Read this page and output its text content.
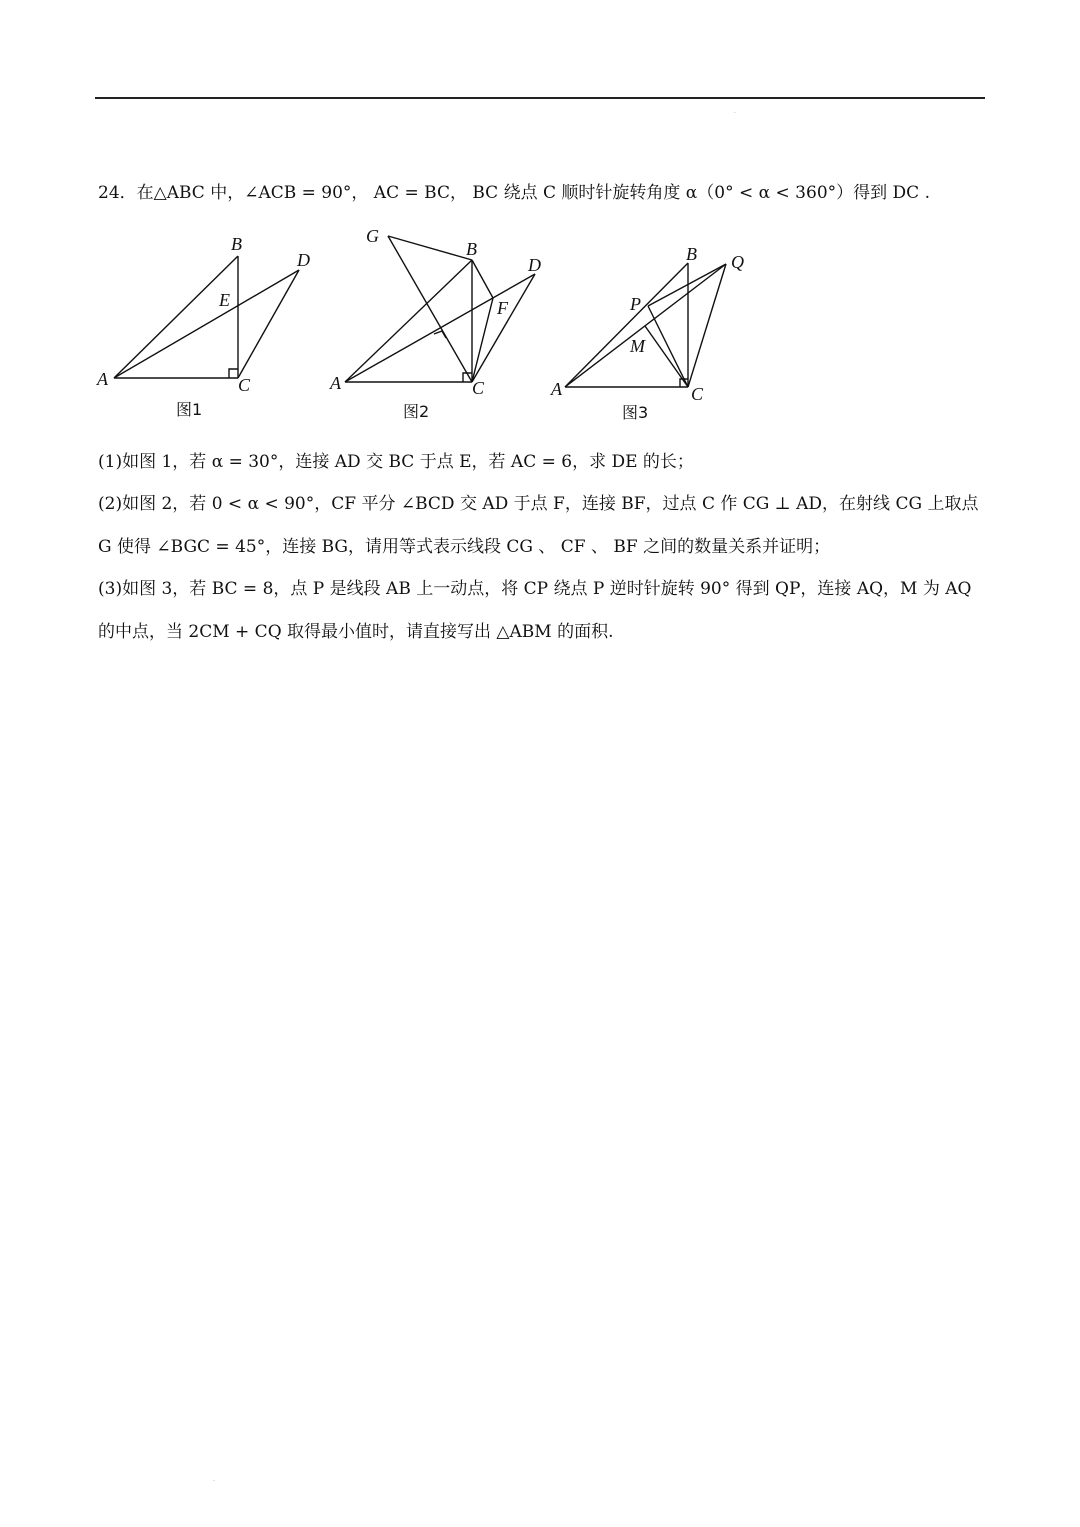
·
·
24．在△ABC 中，∠ACB = 90°， AC = BC， BC 绕点 C 顺时针旋转角度 α（0° < α < 360°）得到 DC .
A
B
C
D
E
图1
G
B
D
F
A	C
图2
B Q
P
M
A	C
图3
(1)如图 1，若 α = 30°，连接 AD 交 BC 于点 E，若 AC = 6，求 DE 的长；
(2)如图 2，若 0 < α < 90°，CF 平分 ∠BCD 交 AD 于点 F，连接 BF，过点 C 作 CG ⊥ AD，在射线 CG 上取点
G 使得 ∠BGC = 45°，连接 BG，请用等式表示线段 CG 、 CF 、 BF 之间的数量关系并证明；
(3)如图 3，若 BC = 8，点 P 是线段 AB 上一动点，将 CP 绕点 P 逆时针旋转 90° 得到 QP，连接 AQ，M 为 AQ
的中点，当 2CM + CQ 取得最小值时，请直接写出 △ABM 的面积.
